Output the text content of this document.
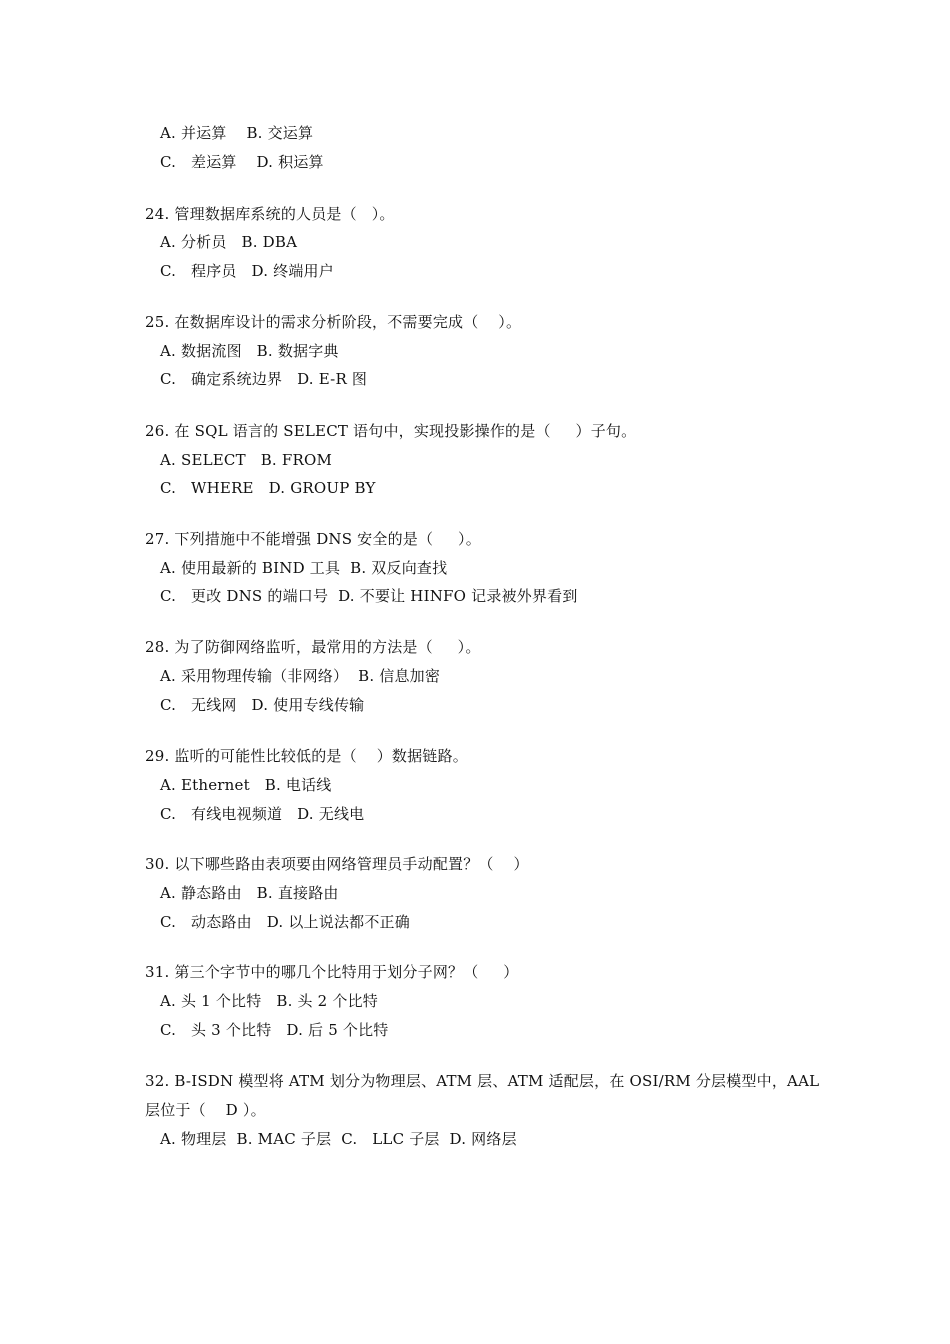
A. 并运算    B. 交运算
C.   差运算    D. 积运算
24. 管理数据库系统的人员是（   ）。
A. 分析员   B. DBA
C.   程序员   D. 终端用户
25. 在数据库设计的需求分析阶段，不需要完成（    ）。
A. 数据流图   B. 数据字典
C.   确定系统边界   D. E-R 图
26. 在 SQL 语言的 SELECT 语句中，实现投影操作的是（     ）子句。
A. SELECT   B. FROM
C.   WHERE   D. GROUP BY
27. 下列措施中不能增强 DNS 安全的是（     ）。
A. 使用最新的 BIND 工具  B. 双反向查找
C.   更改 DNS 的端口号  D. 不要让 HINFO 记录被外界看到
28. 为了防御网络监听，最常用的方法是（     ）。
A. 采用物理传输（非网络）  B. 信息加密
C.   无线网   D. 使用专线传输
29. 监听的可能性比较低的是（    ）数据链路。
A. Ethernet   B. 电话线
C.   有线电视频道   D. 无线电
30. 以下哪些路由表项要由网络管理员手动配置？（    ）
A. 静态路由   B. 直接路由
C.   动态路由   D. 以上说法都不正确
31. 第三个字节中的哪几个比特用于划分子网？（     ）
A. 头 1 个比特   B. 头 2 个比特
C.   头 3 个比特   D. 后 5 个比特
32. B-ISDN 模型将 ATM 划分为物理层、ATM 层、ATM 适配层，在 OSI/RM 分层模型中，AAL
层位于（    D ）。
A. 物理层  B. MAC 子层  C.   LLC 子层  D. 网络层
